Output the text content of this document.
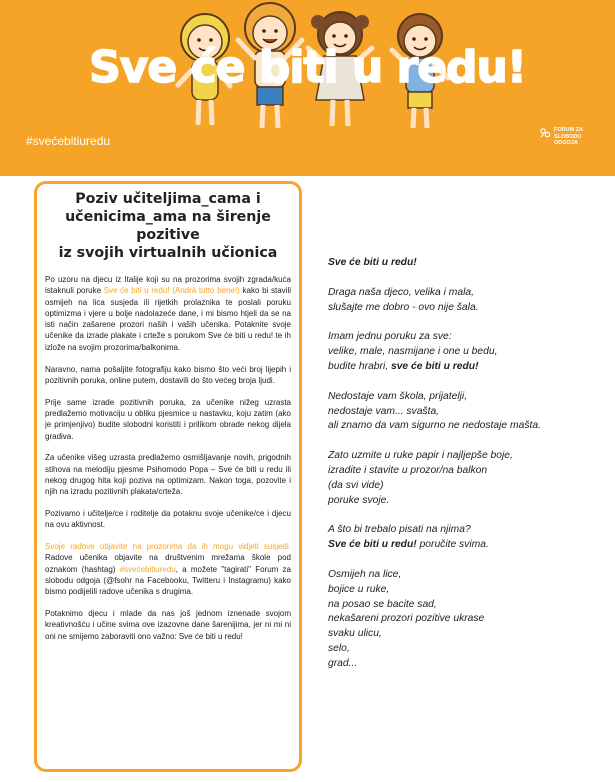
Sve će biti u redu!
#svećebitiuredu
FORUM ZA
SLOBODU
ODGOJA
Poziv učiteljima_cama i
učenicima_ama na širenje pozitive
iz svojih virtualnih učionica

Po uzoru na djecu iz Italije koji su na prozorima svojih zgrada/kuća istaknuli poruke Sve će biti u redu! (Andrà tutto bene!) kako bi stavili osmijeh na lica susjeda ili rijetkih prolaznika te poslali poruku optimizma i vjere u bolje nadolazeće dane, i mi bismo htjeli da se na isti način zašarene prozori naših i vaših učenika. Potaknite svoje učenike da izrade plakate i crteže s porukom Sve će biti u redu! te ih izlože na svojim prozorima/balkonima.

Naravno, nama pošaljite fotografiju kako bismo što veći broj lijepih i pozitivnih poruka, online putem, dostavili do što većeg broja ljudi.

Prije same izrade pozitivnih poruka, za učenike nižeg uzrasta predlažemo motivaciju u obliku pjesmice u nastavku, koju zatim (ako je primjenjivo) budite slobodni koristiti i prilikom obrade nekog dijela gradiva.

Za učenike višeg uzrasta predlažemo osmišljavanje novih, prigodnih stihova na melodiju pjesme Psihomodo Popa – Sve će biti u redu ili nekog drugog hita koji poziva na optimizam. Nakon toga, pozovite i njih na izradu pozitivnih plakata/crteža.

Pozivamo i učitelje/ce i roditelje da potaknu svoje učenike/ce i djecu na ovu aktivnost.

Svoje radove objavite na prozorima da ih mogu vidjeti susjedi. Radove učenika objavite na društvenim mrežama škole pod oznakom (hashtag) #svećebitiuredu, a možete "tagirati" Forum za slobodu odgoja (@fsohr na Facebooku, Twitteru i Instagramu) kako bismo podijelili radove učenika s drugima.

Potaknimo djecu i mlade da nas još jednom iznenade svojom kreativnošću i učine svima ove izazovne dane šarenijima, jer ni mi ni oni ne smijemo zaboraviti ono važno: Sve će biti u redu!

Sve će biti u redu!
Draga naša djeco, velika i mala,
slušajte me dobro - ovo nije šala.
Imam jednu poruku za sve:
velike, male, nasmijane i one u bedu,
budite hrabri, sve će biti u redu!
Nedostaje vam škola, prijatelji,
nedostaje vam... svašta,
ali znamo da vam sigurno ne nedostaje mašta.
Zato uzmite u ruke papir i najljepše boje,
izradite i stavite u prozor/na balkon
(da svi vide)
poruke svoje.
A što bi trebalo pisati na njima?
Sve će biti u redu! poručite svima.
Osmijeh na lice,
bojice u ruke,
na posao se bacite sad,
nekašareni prozori pozitive ukrase
svaku ulicu,
selo,
grad...
